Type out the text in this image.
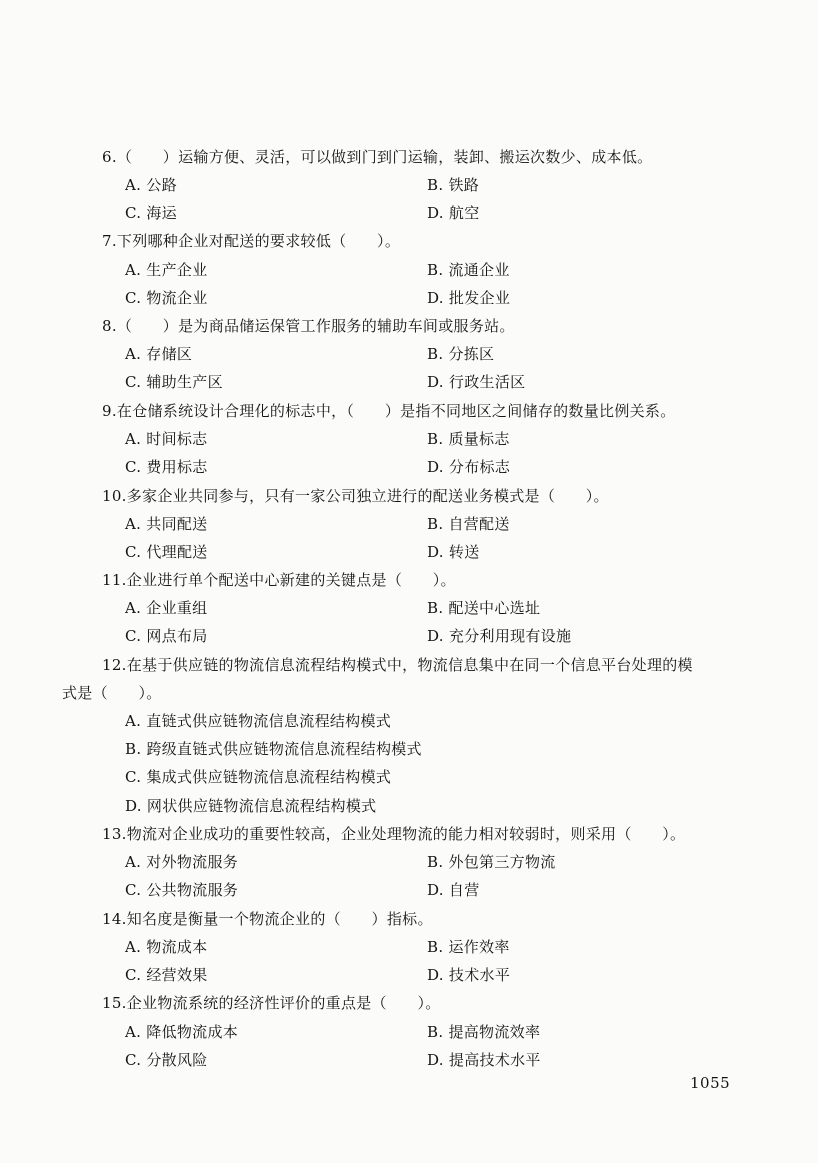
6.（　　）运输方便、灵活，可以做到门到门运输，装卸、搬运次数少、成本低。
A. 公路	B. 铁路
C. 海运	D. 航空
7.下列哪种企业对配送的要求较低（　　）。
A. 生产企业	B. 流通企业
C. 物流企业	D. 批发企业
8.（　　）是为商品储运保管工作服务的辅助车间或服务站。
A. 存储区	B. 分拣区
C. 辅助生产区	D. 行政生活区
9.在仓储系统设计合理化的标志中，（　　）是指不同地区之间储存的数量比例关系。
A. 时间标志	B. 质量标志
C. 费用标志	D. 分布标志
10.多家企业共同参与，只有一家公司独立进行的配送业务模式是（　　）。
A. 共同配送	B. 自营配送
C. 代理配送	D. 转送
11.企业进行单个配送中心新建的关键点是（　　）。
A. 企业重组	B. 配送中心选址
C. 网点布局	D. 充分利用现有设施
12.在基于供应链的物流信息流程结构模式中，物流信息集中在同一个信息平台处理的模
式是（　　）。
A. 直链式供应链物流信息流程结构模式
B. 跨级直链式供应链物流信息流程结构模式
C. 集成式供应链物流信息流程结构模式
D. 网状供应链物流信息流程结构模式
13.物流对企业成功的重要性较高，企业处理物流的能力相对较弱时，则采用（　　）。
A. 对外物流服务	B. 外包第三方物流
C. 公共物流服务	D. 自营
14.知名度是衡量一个物流企业的（　　）指标。
A. 物流成本	B. 运作效率
C. 经营效果	D. 技术水平
15.企业物流系统的经济性评价的重点是（　　）。
A. 降低物流成本	B. 提高物流效率
C. 分散风险	D. 提高技术水平
1055
